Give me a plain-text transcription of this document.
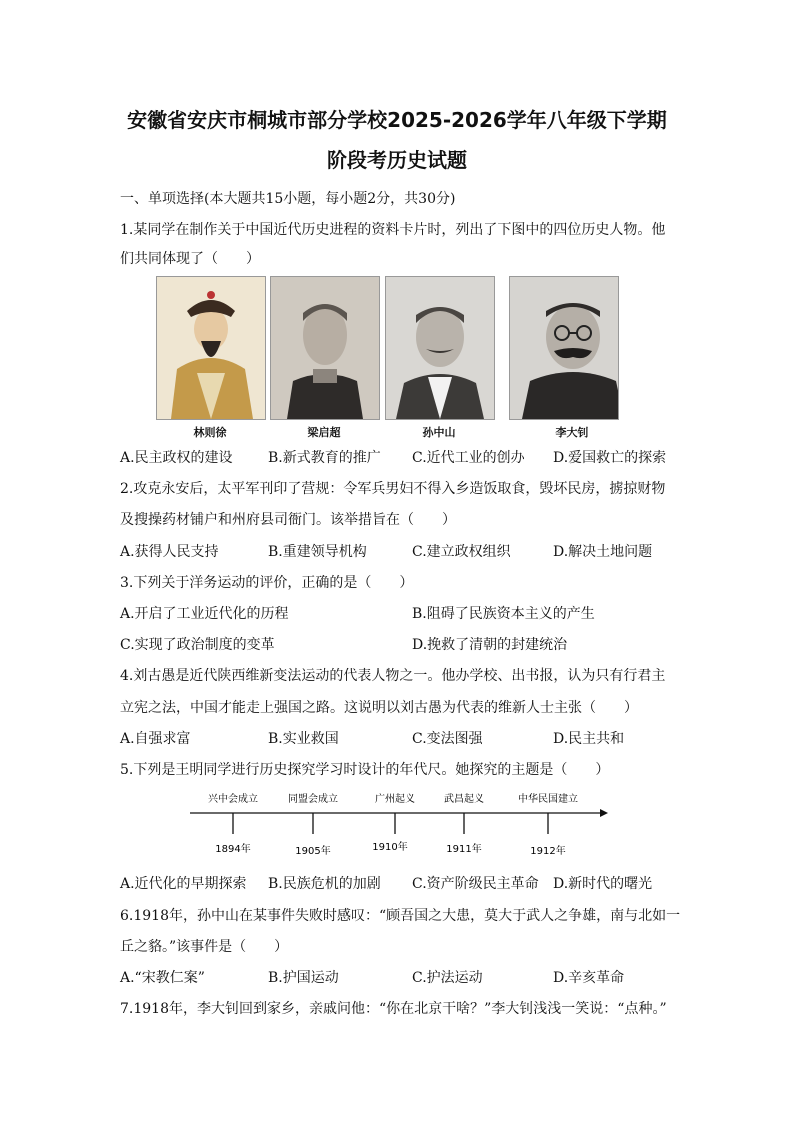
安徽省安庆市桐城市部分学校2025-2026学年八年级下学期
阶段考历史试题
一、单项选择(本大题共15小题，每小题2分，共30分)
1.某同学在制作关于中国近代历史进程的资料卡片时，列出了下图中的四位历史人物。他
们共同体现了（　　）
林则徐	梁启超	孙中山	李大钊
A.民主政权的建设	B.新式教育的推广 C.近代工业的创办 D.爱国救亡的探索
2.攻克永安后，太平军刊印了营规：令军兵男妇不得入乡造饭取食，毁坏民房，掳掠财物
及搜操药材铺户和州府县司衙门。该举措旨在（　　）
A.获得人民支持	B.重建领导机构	C.建立政权组织	D.解决土地问题
3.下列关于洋务运动的评价，正确的是（　　）
A.开启了工业近代化的历程	B.阻碍了民族资本主义的产生
C.实现了政治制度的变革	D.挽救了清朝的封建统治
4.刘古愚是近代陕西维新变法运动的代表人物之一。他办学校、出书报，认为只有行君主
立宪之法，中国才能走上强国之路。这说明以刘古愚为代表的维新人士主张（　　）
A.自强求富	B.实业救国	C.变法图强	D.民主共和
5.下列是王明同学进行历史探究学习时设计的年代尺。她探究的主题是（　　）
兴中会成立	同盟会成立	广州起义	武昌起义	中华民国建立
1894年	1905年	1910年	1911年	1912年
A.近代化的早期探索 B.民族危机的加剧 C.资产阶级民主革命 D.新时代的曙光
6.1918年，孙中山在某事件失败时感叹：“顾吾国之大患，莫大于武人之争雄，南与北如一
丘之貉。”该事件是（　　）
A.“宋教仁案”	B.护国运动	C.护法运动	D.辛亥革命
7.1918年，李大钊回到家乡，亲戚问他：“你在北京干啥？”李大钊浅浅一笑说：“点种。”
